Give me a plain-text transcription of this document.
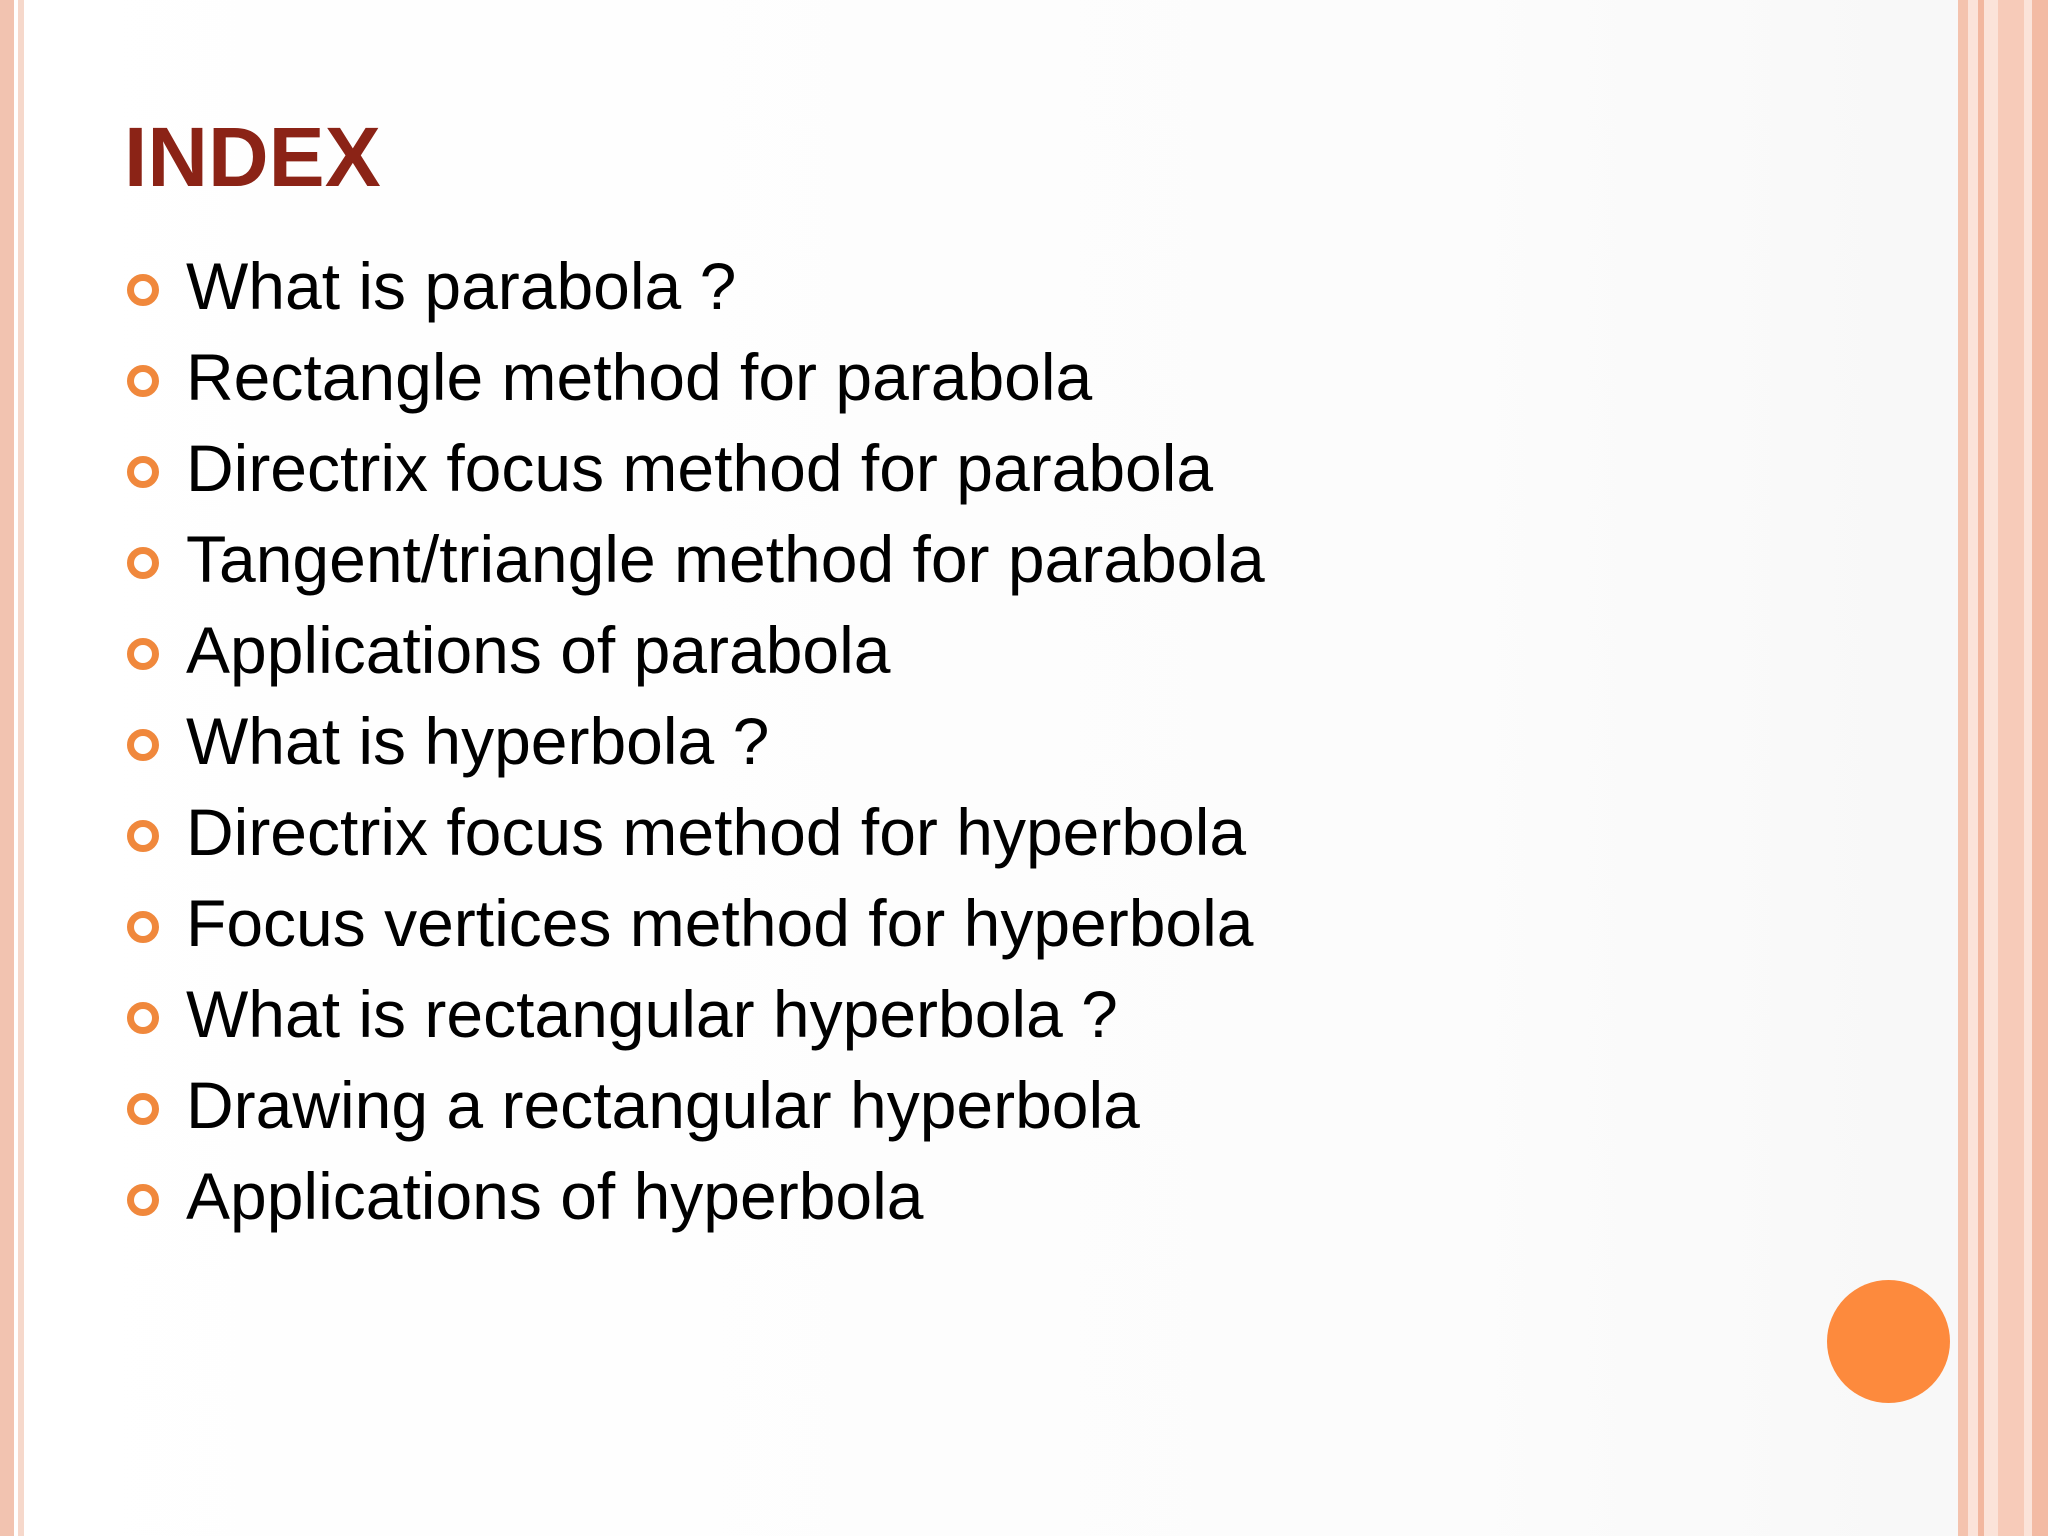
INDEX
What is parabola ?
Rectangle method for parabola
Directrix focus method for parabola
Tangent/triangle method for parabola
Applications of parabola
What is hyperbola ?
Directrix focus method for hyperbola
Focus vertices method for hyperbola
What is rectangular hyperbola ?
Drawing a rectangular hyperbola
Applications of hyperbola
